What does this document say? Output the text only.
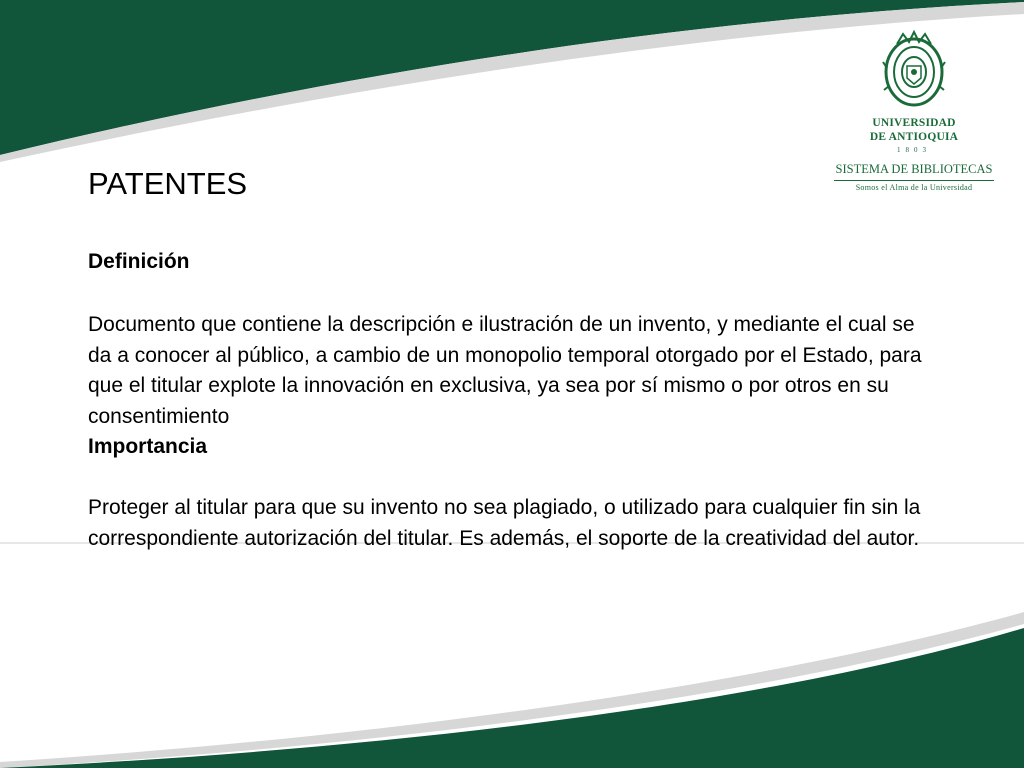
UNIVERSIDAD
DE ANTIOQUIA
1803
SISTEMA DE BIBLIOTECAS
Somos el Alma de la Universidad
PATENTES

Definición

Documento que contiene la descripción e ilustración de un invento, y mediante el cual se da a conocer al público, a cambio de un monopolio temporal otorgado por el Estado, para que el titular explote la innovación en exclusiva, ya sea por sí mismo o por otros en su consentimiento

Importancia

Proteger al titular para que su invento no sea plagiado, o utilizado para cualquier fin sin la correspondiente autorización del titular. Es además, el soporte de la creatividad del autor.
